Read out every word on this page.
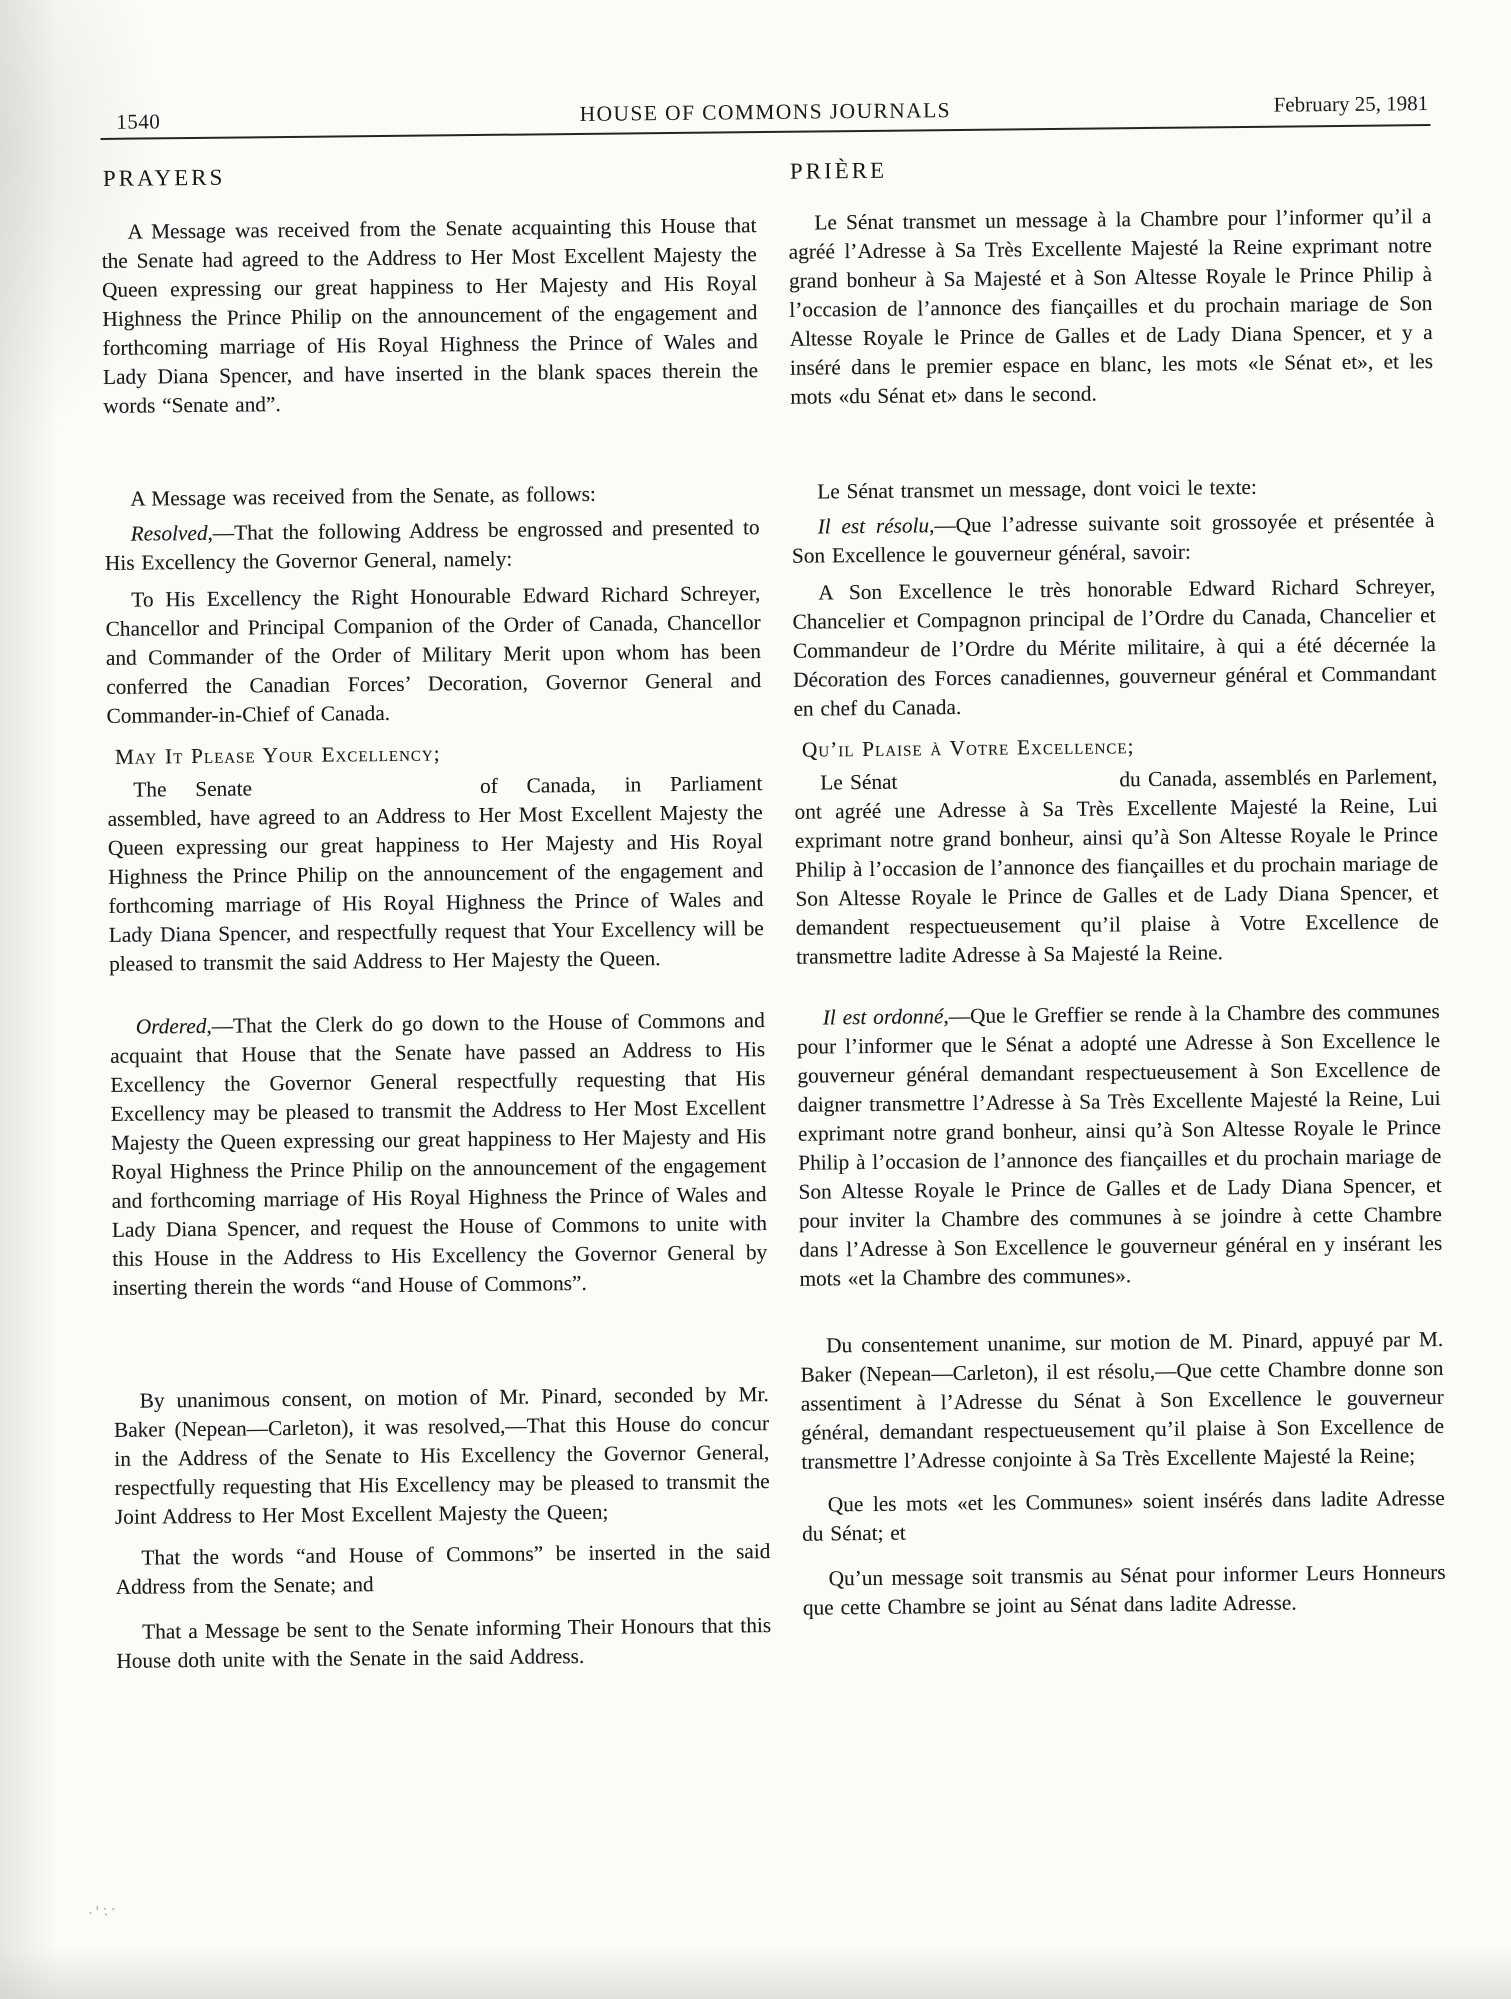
1540	HOUSE OF COMMONS JOURNALS	February 25, 1981

PRAYERS

A Message was received from the Senate acquainting this House that the Senate had agreed to the Address to Her Most Excellent Majesty the Queen expressing our great happiness to Her Majesty and His Royal Highness the Prince Philip on the announcement of the engagement and forthcoming marriage of His Royal Highness the Prince of Wales and Lady Diana Spencer, and have inserted in the blank spaces therein the words “Senate and”.

A Message was received from the Senate, as follows:

Resolved,—That the following Address be engrossed and presented to His Excellency the Governor General, namely:

To His Excellency the Right Honourable Edward Richard Schreyer, Chancellor and Principal Companion of the Order of Canada, Chancellor and Commander of the Order of Military Merit upon whom has been conferred the Canadian Forces’ Decoration, Governor General and Commander-in-Chief of Canada.

May It Please Your Excellency;

The Senate	of Canada, in Parliament assembled, have agreed to an Address to Her Most Excellent Majesty the Queen expressing our great happiness to Her Majesty and His Royal Highness the Prince Philip on the announcement of the engagement and forthcoming marriage of His Royal Highness the Prince of Wales and Lady Diana Spencer, and respectfully request that Your Excellency will be pleased to transmit the said Address to Her Majesty the Queen.

Ordered,—That the Clerk do go down to the House of Commons and acquaint that House that the Senate have passed an Address to His Excellency the Governor General respectfully requesting that His Excellency may be pleased to transmit the Address to Her Most Excellent Majesty the Queen expressing our great happiness to Her Majesty and His Royal Highness the Prince Philip on the announcement of the engagement and forthcoming marriage of His Royal Highness the Prince of Wales and Lady Diana Spencer, and request the House of Commons to unite with this House in the Address to His Excellency the Governor General by inserting therein the words “and House of Commons”.

By unanimous consent, on motion of Mr. Pinard, seconded by Mr. Baker (Nepean—Carleton), it was resolved,—That this House do concur in the Address of the Senate to His Excellency the Governor General, respectfully requesting that His Excellency may be pleased to transmit the Joint Address to Her Most Excellent Majesty the Queen;

That the words “and House of Commons” be inserted in the said Address from the Senate; and

That a Message be sent to the Senate informing Their Honours that this House doth unite with the Senate in the said Address.

PRIÈRE

Le Sénat transmet un message à la Chambre pour l’informer qu’il a agréé l’Adresse à Sa Très Excellente Majesté la Reine exprimant notre grand bonheur à Sa Majesté et à Son Altesse Royale le Prince Philip à l’occasion de l’annonce des fiançailles et du prochain mariage de Son Altesse Royale le Prince de Galles et de Lady Diana Spencer, et y a inséré dans le premier espace en blanc, les mots «le Sénat et», et les mots «du Sénat et» dans le second.

Le Sénat transmet un message, dont voici le texte:

Il est résolu,—Que l’adresse suivante soit grossoyée et présentée à Son Excellence le gouverneur général, savoir:

A Son Excellence le très honorable Edward Richard Schreyer, Chancelier et Compagnon principal de l’Ordre du Canada, Chancelier et Commandeur de l’Ordre du Mérite militaire, à qui a été décernée la Décoration des Forces canadiennes, gouverneur général et Commandant en chef du Canada.

Qu’il Plaise à Votre Excellence;

Le Sénat	du Canada, assemblés en Parlement, ont agréé une Adresse à Sa Très Excellente Majesté la Reine, Lui exprimant notre grand bonheur, ainsi qu’à Son Altesse Royale le Prince Philip à l’occasion de l’annonce des fiançailles et du prochain mariage de Son Altesse Royale le Prince de Galles et de Lady Diana Spencer, et demandent respectueusement qu’il plaise à Votre Excellence de transmettre ladite Adresse à Sa Majesté la Reine.

Il est ordonné,—Que le Greffier se rende à la Chambre des communes pour l’informer que le Sénat a adopté une Adresse à Son Excellence le gouverneur général demandant respectueusement à Son Excellence de daigner transmettre l’Adresse à Sa Très Excellente Majesté la Reine, Lui exprimant notre grand bonheur, ainsi qu’à Son Altesse Royale le Prince Philip à l’occasion de l’annonce des fiançailles et du prochain mariage de Son Altesse Royale le Prince de Galles et de Lady Diana Spencer, et pour inviter la Chambre des communes à se joindre à cette Chambre dans l’Adresse à Son Excellence le gouverneur général en y insérant les mots «et la Chambre des communes».

Du consentement unanime, sur motion de M. Pinard, appuyé par M. Baker (Nepean—Carleton), il est résolu,—Que cette Chambre donne son assentiment à l’Adresse du Sénat à Son Excellence le gouverneur général, demandant respectueusement qu’il plaise à Son Excellence de transmettre l’Adresse conjointe à Sa Très Excellente Majesté la Reine;

Que les mots «et les Communes» soient insérés dans ladite Adresse du Sénat; et

Qu’un message soit transmis au Sénat pour informer Leurs Honneurs que cette Chambre se joint au Sénat dans ladite Adresse.

·':·
